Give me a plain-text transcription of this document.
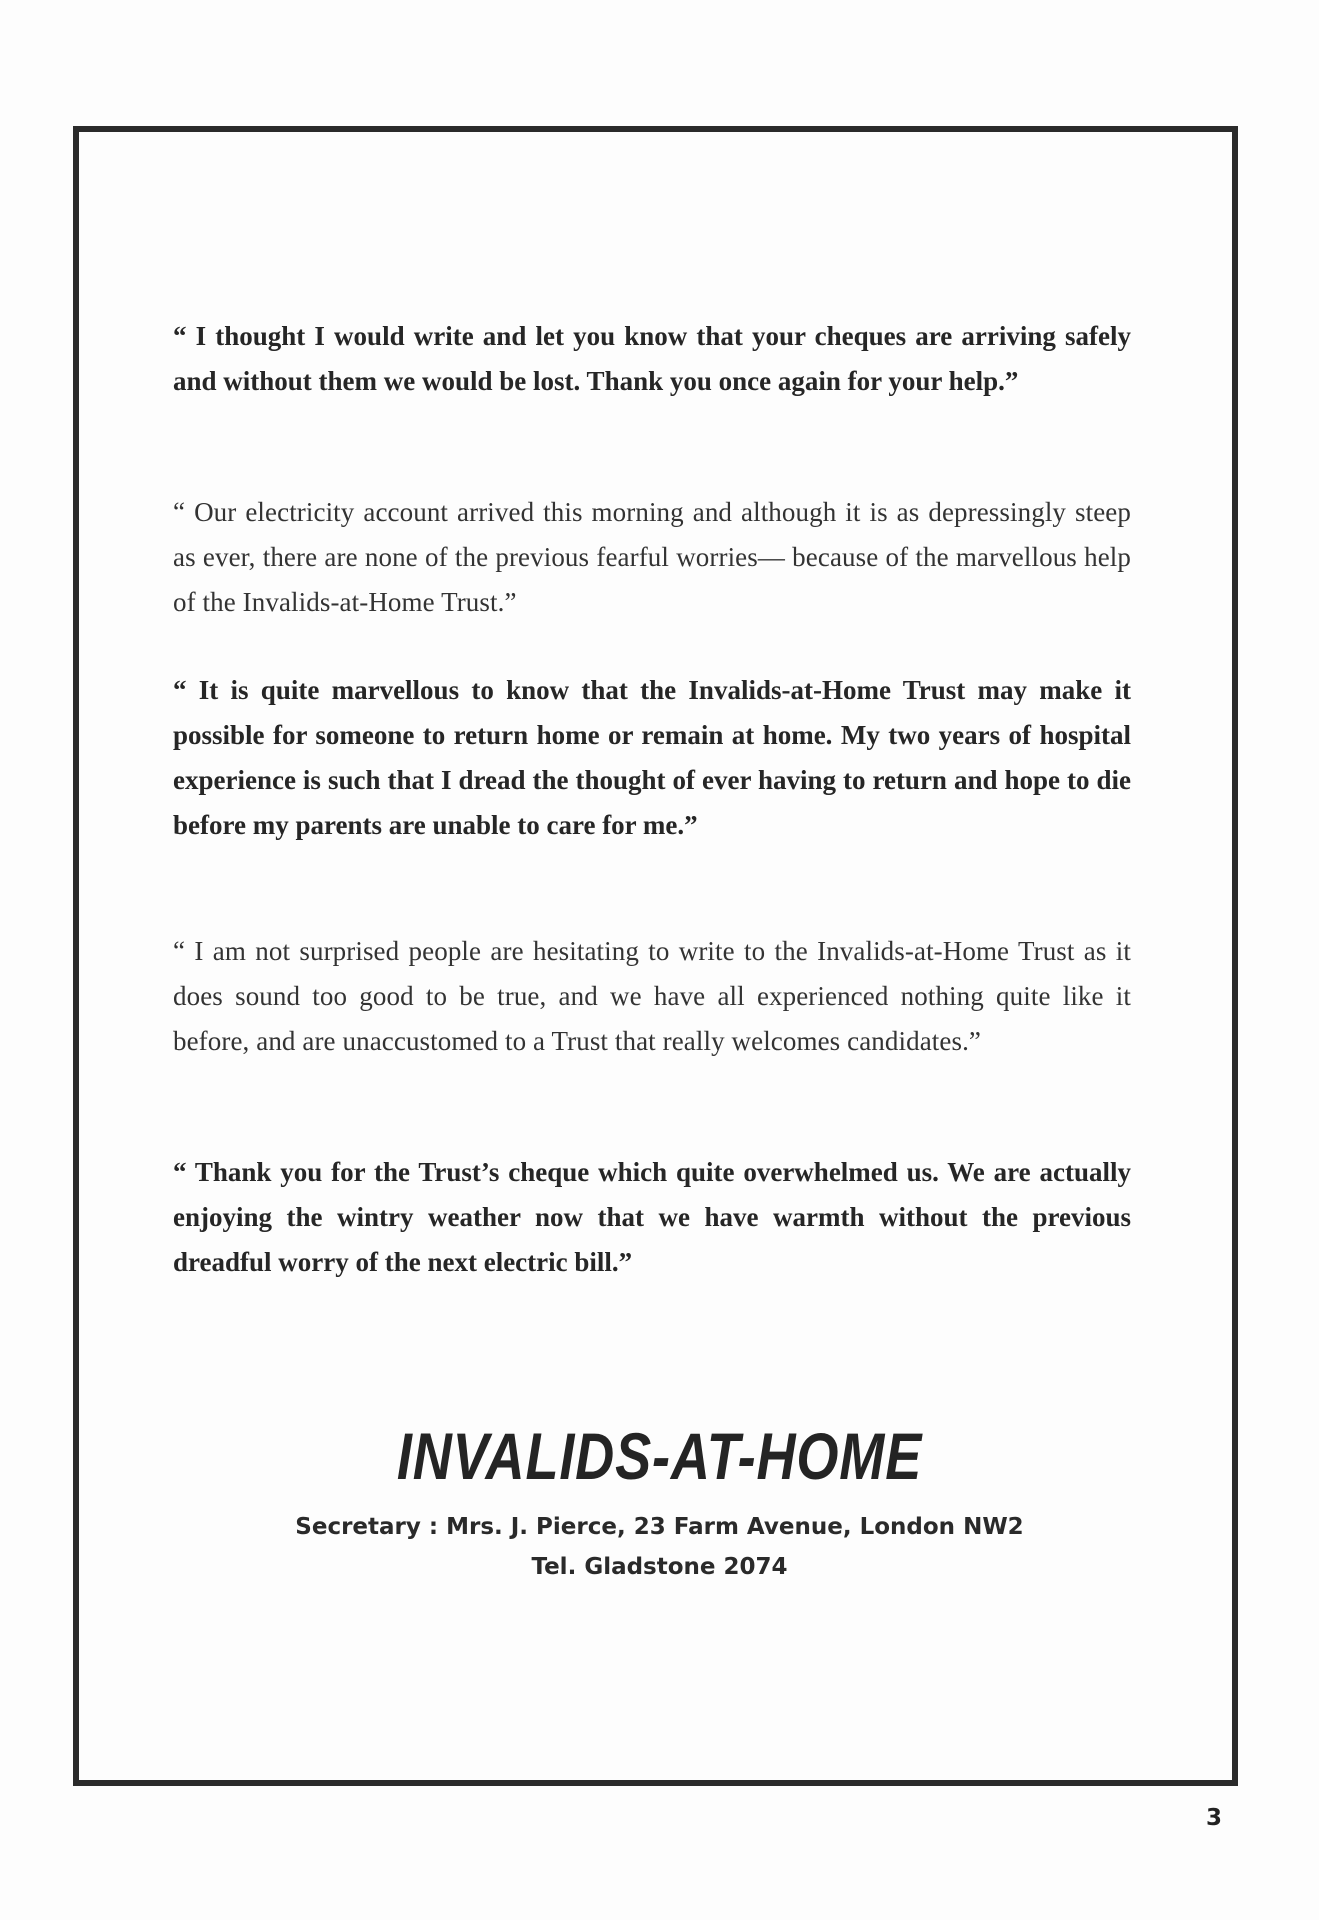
“ I thought I would write and let you know that your cheques are arriving safely and without them we would be lost. Thank you once again for your help.”

“ Our electricity account arrived this morning and although it is as depressingly steep as ever, there are none of the previous fearful worries— because of the marvellous help of the Invalids-at-Home Trust.”

“ It is quite marvellous to know that the Invalids-at-Home Trust may make it possible for someone to return home or remain at home. My two years of hospital experience is such that I dread the thought of ever having to return and hope to die before my parents are unable to care for me.”

“ I am not surprised people are hesitating to write to the Invalids-at-Home Trust as it does sound too good to be true, and we have all experienced nothing quite like it before, and are unaccustomed to a Trust that really welcomes candidates.”

“ Thank you for the Trust’s cheque which quite overwhelmed us. We are actually enjoying the wintry weather now that we have warmth without the previous dreadful worry of the next electric bill.”

INVALIDS-AT-HOME
Secretary : Mrs. J. Pierce, 23 Farm Avenue, London NW2
Tel. Gladstone 2074
3
